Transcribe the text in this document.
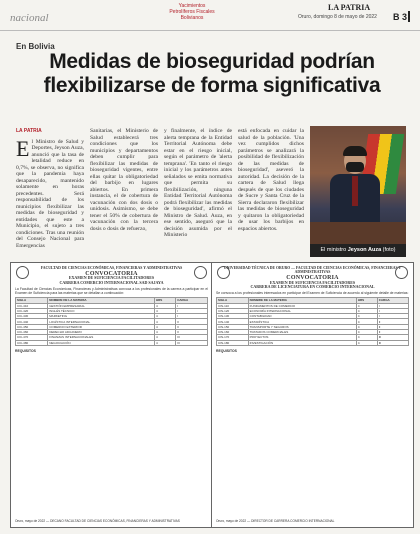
nacional
Yacimientos
Petrolíferos Fiscales Bolivianos	Oruro, domingo 8 de mayo de 2022
LA PATRIA
B 3
En Bolivia
Medidas de bioseguridad podrían flexibilizarse de forma significativa
LA PATRIA
E l Ministro de Salud y Deportes, Jeyson Auza, anunció que la tasa de letalidad reduce en 0,7%, se observa, no significa que la pandemia haya desaparecido, mantenido solamente en horas precedentes. Será responsabilidad de los municipios flexibilizar las medidas de bioseguridad y entidades que este a Municipio, el sujeto a tres condiciones. Tras una reunión del Consejo Nacional para Emergencias
Sanitarias, el Ministerio de Salud establecerá tres condiciones que los municipios y departamentos deben cumplir para flexibilizar las medidas de bioseguridad vigentes, entre ellas quitar la obligatoriedad del barbijo en lugares abiertos. En primera instancia, el de cobertura de vacunación con dos dosis o unidosis. Asimismo, se debe tener el 50% de cobertura de vacunación con la tercera dosis o dosis de refuerzo,
y finalmente, el índice de alerta temprana de la Entidad Territorial Autónoma debe estar en el riesgo inicial, según el parámetro de 'alerta temprana'. 'En tanto el riesgo inicial y los parámetros antes señalados se emita normativa que permita su flexibilización, ninguna Entidad Territorial Autónoma podrá flexibilizar las medidas de bioseguridad', afirmó el Ministro de Salud. Auza, en ese sentido, aseguró que la decisión asumida por el Ministerio
está enfocada en cuidar la salud de la población. 'Una vez cumplidos dichos parámetros se analizará la posibilidad de flexibilización de las medidas de bioseguridad', aseveró la autoridad. La decisión de la cartera de Salud llega después de que los ciudades de Sucre y Santa Cruz de la Sierra declararon flexibilizar las medidas de bioseguridad y quitaron la obligatoriedad de usar los barbijos en espacios abiertos.
El ministro Jeyson Auza (foto)
FACULTAD DE CIENCIAS ECONÓMICAS, FINANCIERAS Y ADMINISTRATIVAS
CONVOCATORIA
EXAMEN DE SUFICIENCIA FACILITADORES
CARRERA COMERCIO INTERNACIONAL SAD SAJAYA
La Facultad de Ciencias Económicas, Financieras y Administrativas convoca a los profesionales de la carrera a participar en el Examen de Suficiencia para las materias que se detallan a continuación:
SIGLA	NOMBRE DE LA MATERIA	HRS	CARGA
CIC-410	GESTIÓN EMPRESARIAL	4	I
CIC-420	INGLÉS TÉCNICO	4	I
CIC-430	MARKETING	4	I
CIC-440	LOGÍSTICA INTERNACIONAL	4	II
CIC-450	COMERCIO EXTERIOR	4	II
CIC-460	DERECHO ADUANERO	4	II
CIC-470	FINANZAS INTERNACIONALES	4	III
CIC-480	NEGOCIACIÓN	4	III
REQUISITOS
Oruro, mayo de 2022 — DECANO FACULTAD DE CIENCIAS ECONÓMICAS, FINANCIERAS Y ADMINISTRATIVAS
UNIVERSIDAD TÉCNICA DE ORURO — FACULTAD DE CIENCIAS ECONÓMICAS, FINANCIERAS Y ADMINISTRATIVAS
CONVOCATORIA
EXAMEN DE SUFICIENCIA FACILITADORES
CARRERA DE LICENCIATURA EN COMERCIO INTERNACIONAL
Se convoca a los profesionales interesados en participar del Examen de Suficiencia de acuerdo al siguiente detalle de materias:
SIGLA	NOMBRE DE LA MATERIA	HRS	CARGA
CIN-110	FUNDAMENTOS DE COMERCIO	4	I
CIN-120	ECONOMÍA INTERNACIONAL	4	I
CIN-130	CONTABILIDAD	4	I
CIN-140	ESTADÍSTICA	4	II
CIN-150	TRANSPORTE Y SEGUROS	4	II
CIN-160	TRATADOS COMERCIALES	4	II
CIN-170	PROYECTOS	4	III
CIN-180	INVESTIGACIÓN	4	III
REQUISITOS
Oruro, mayo de 2022 — DIRECTOR DE CARRERA COMERCIO INTERNACIONAL
